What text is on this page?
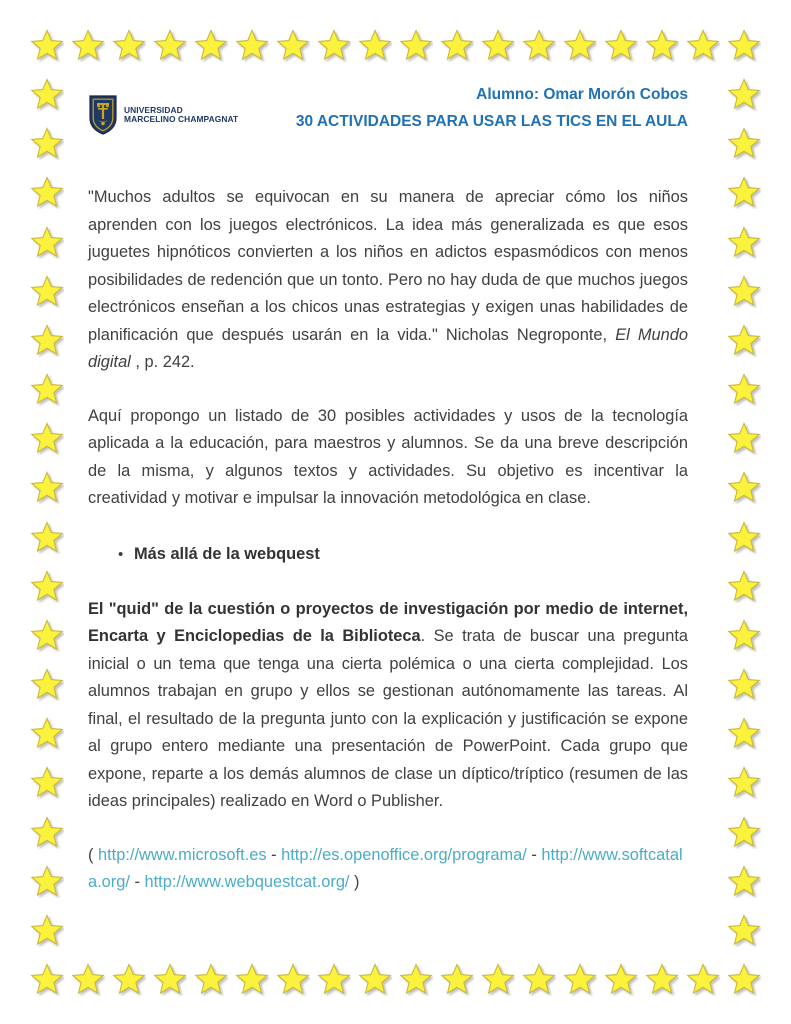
UNIVERSIDAD
MARCELINO CHAMPAGNAT

Alumno: Omar Morón Cobos

30 ACTIVIDADES PARA USAR LAS TICS EN EL AULA

"Muchos adultos se equivocan en su manera de apreciar cómo los niños aprenden con los juegos electrónicos. La idea más generalizada es que esos juguetes hipnóticos convierten a los niños en adictos espasmódicos con menos posibilidades de redención que un tonto. Pero no hay duda de que muchos juegos electrónicos enseñan a los chicos unas estrategias y exigen unas habilidades de planificación que después usarán en la vida." Nicholas Negroponte, El Mundo digital , p. 242.

Aquí propongo un listado de 30 posibles actividades y usos de la tecnología aplicada a la educación, para maestros y alumnos. Se da una breve descripción de la misma, y algunos textos y actividades. Su objetivo es incentivar la creatividad y motivar e impulsar la innovación metodológica en clase.

• Más allá de la webquest

El "quid" de la cuestión o proyectos de investigación por medio de internet, Encarta y Enciclopedias de la Biblioteca. Se trata de buscar una pregunta inicial o un tema que tenga una cierta polémica o una cierta complejidad. Los alumnos trabajan en grupo y ellos se gestionan autónomamente las tareas. Al final, el resultado de la pregunta junto con la explicación y justificación se expone al grupo entero mediante una presentación de PowerPoint. Cada grupo que expone, reparte a los demás alumnos de clase un díptico/tríptico (resumen de las ideas principales) realizado en Word o Publisher.

( http://www.microsoft.es - http://es.openoffice.org/programa/ - http://www.softcatala.org/ - http://www.webquestcat.org/ )
